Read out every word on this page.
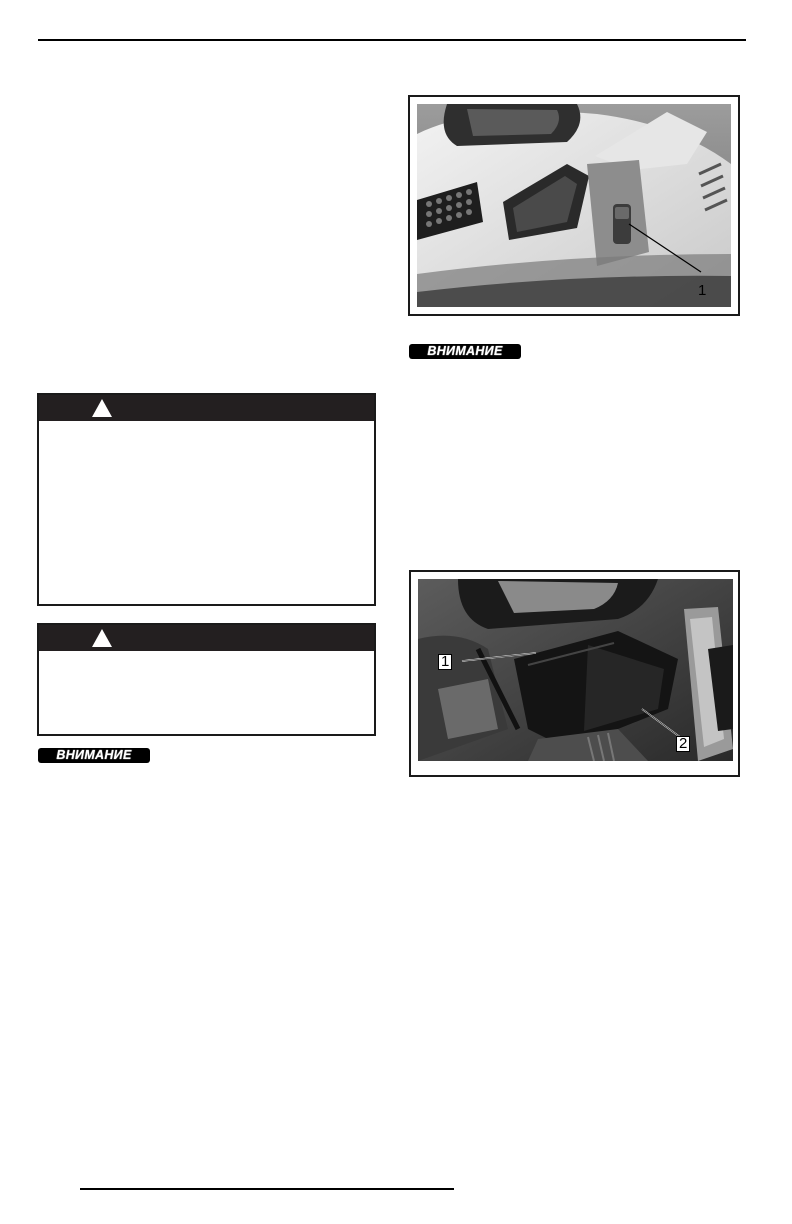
ВНИМАНИЕ
1
ВНИМАНИЕ
1
2
